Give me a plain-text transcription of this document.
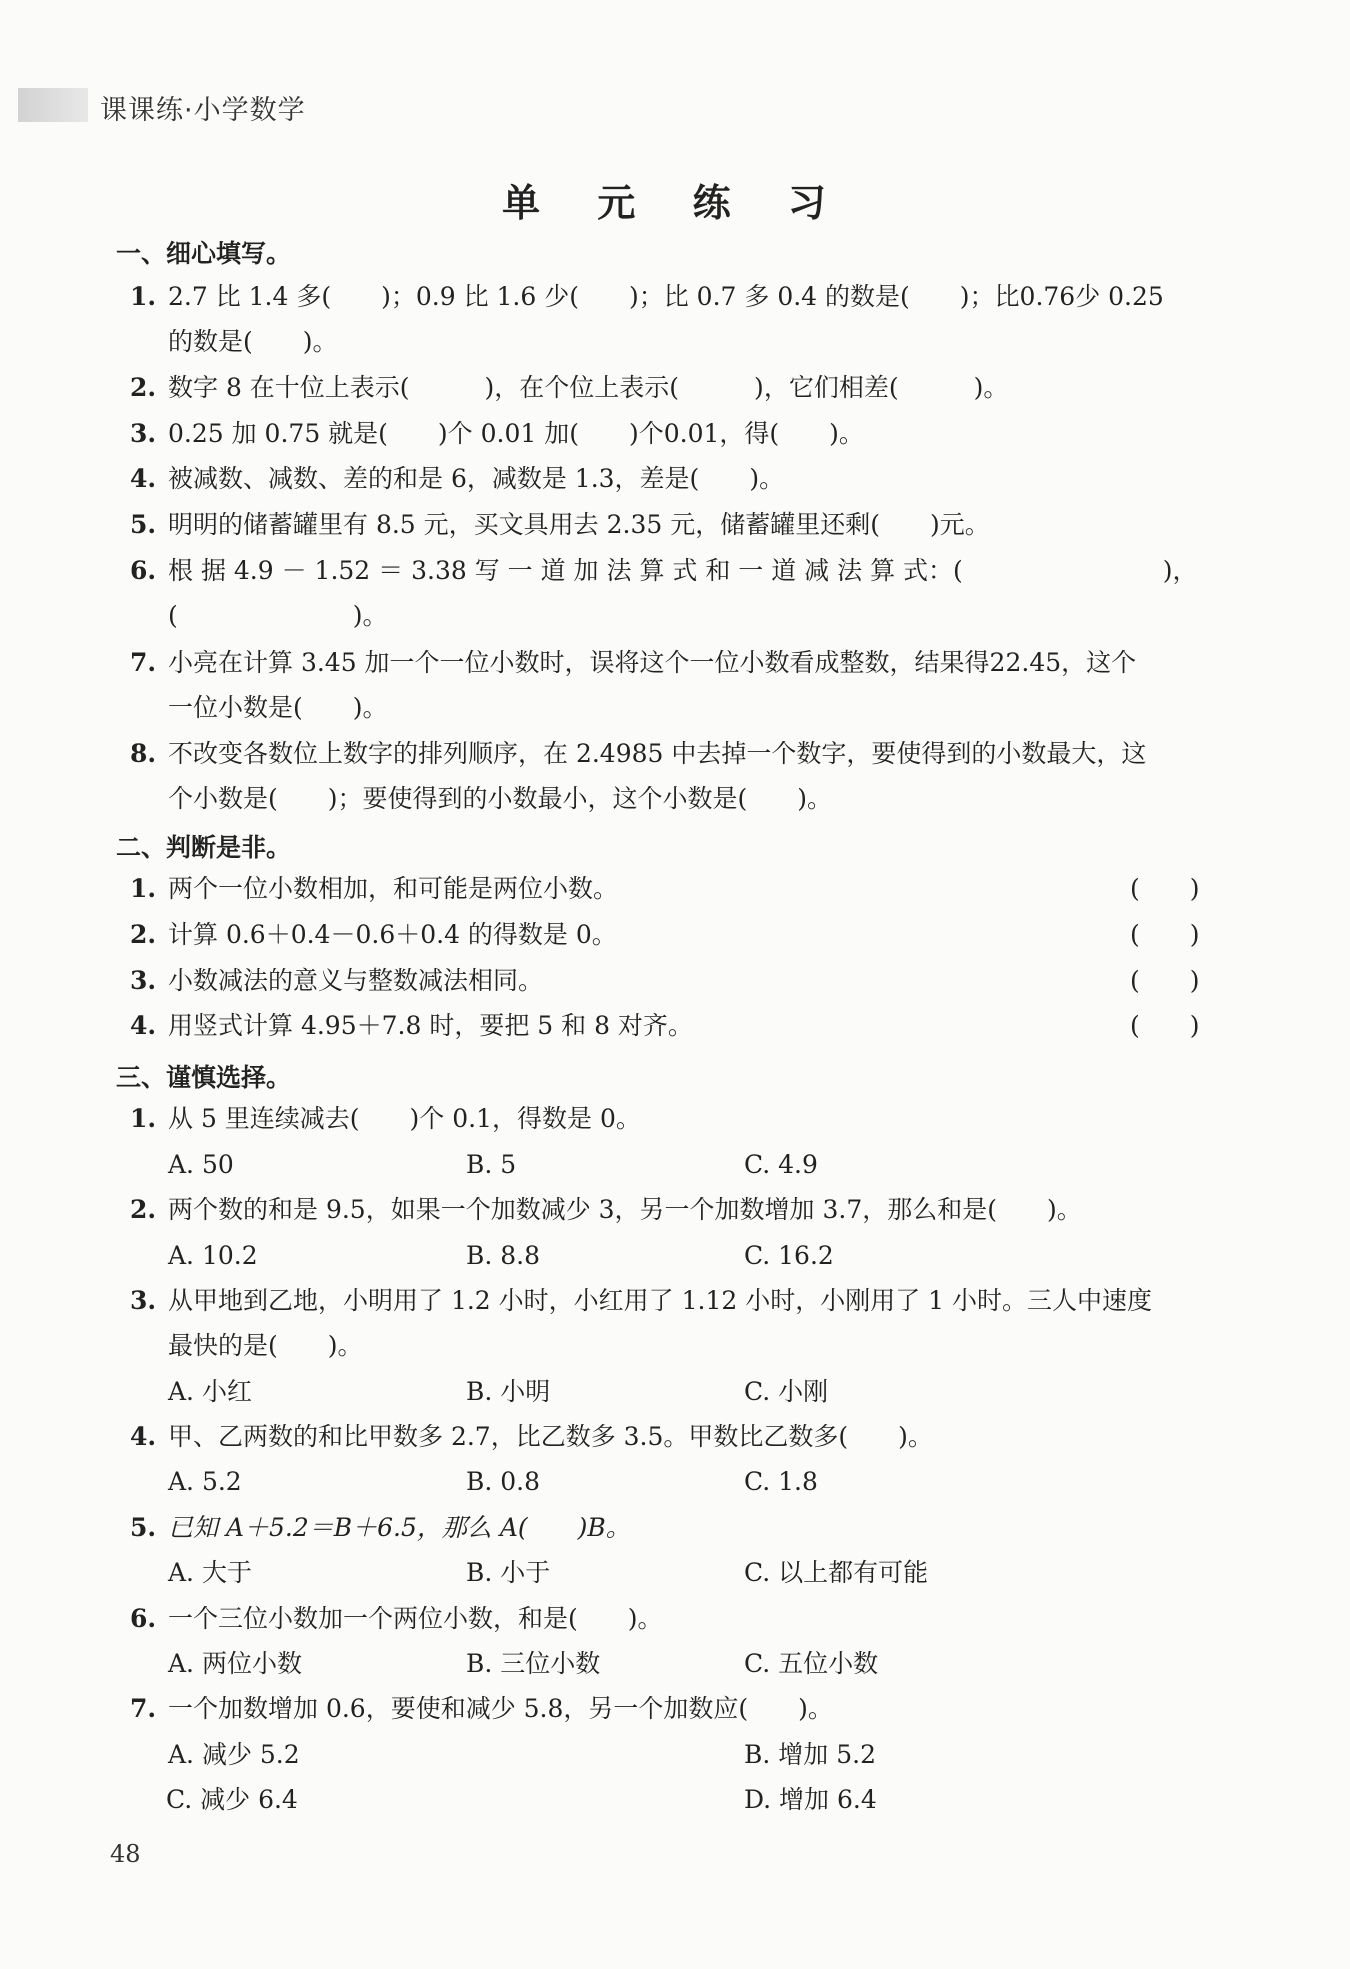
课课练·小学数学
单 元 练 习
一、细心填写。
1. 2.7 比 1.4 多(　　)；0.9 比 1.6 少(　　)；比 0.7 多 0.4 的数是(　　)；比0.76少 0.25
的数是(　　)。
2. 数字 8 在十位上表示(　　　)，在个位上表示(　　　)，它们相差(　　　)。
3. 0.25 加 0.75 就是(　　)个 0.01 加(　　)个0.01，得(　　)。
4. 被减数、减数、差的和是 6，减数是 1.3，差是(　　)。
5. 明明的储蓄罐里有 8.5 元，买文具用去 2.35 元，储蓄罐里还剩(　　)元。
6. 根 据 4.9 － 1.52 ＝ 3.38 写 一 道 加 法 算 式 和 一 道 减 法 算 式：(　　　　　　　　)，
(　　　　　　　)。
7. 小亮在计算 3.45 加一个一位小数时，误将这个一位小数看成整数，结果得22.45，这个
一位小数是(　　)。
8. 不改变各数位上数字的排列顺序，在 2.4985 中去掉一个数字，要使得到的小数最大，这
个小数是(　　)；要使得到的小数最小，这个小数是(　　)。
二、判断是非。
1. 两个一位小数相加，和可能是两位小数。	(　　)
2. 计算 0.6＋0.4－0.6＋0.4 的得数是 0。	(　　)
3. 小数减法的意义与整数减法相同。	(　　)
4. 用竖式计算 4.95＋7.8 时，要把 5 和 8 对齐。	(　　)
三、谨慎选择。
1. 从 5 里连续减去(　　)个 0.1，得数是 0。
A. 50	B. 5	C. 4.9
2. 两个数的和是 9.5，如果一个加数减少 3，另一个加数增加 3.7，那么和是(　　)。
A. 10.2	B. 8.8	C. 16.2
3. 从甲地到乙地，小明用了 1.2 小时，小红用了 1.12 小时，小刚用了 1 小时。三人中速度
最快的是(　　)。
A. 小红	B. 小明	C. 小刚
4. 甲、乙两数的和比甲数多 2.7，比乙数多 3.5。甲数比乙数多(　　)。
A. 5.2	B. 0.8	C. 1.8
5. 已知 A＋5.2＝B＋6.5，那么 A(　　)B。
A. 大于	B. 小于	C. 以上都有可能
6. 一个三位小数加一个两位小数，和是(　　)。
A. 两位小数	B. 三位小数	C. 五位小数
7. 一个加数增加 0.6，要使和减少 5.8，另一个加数应(　　)。
A. 减少 5.2	B. 增加 5.2
C. 减少 6.4	D. 增加 6.4
48
